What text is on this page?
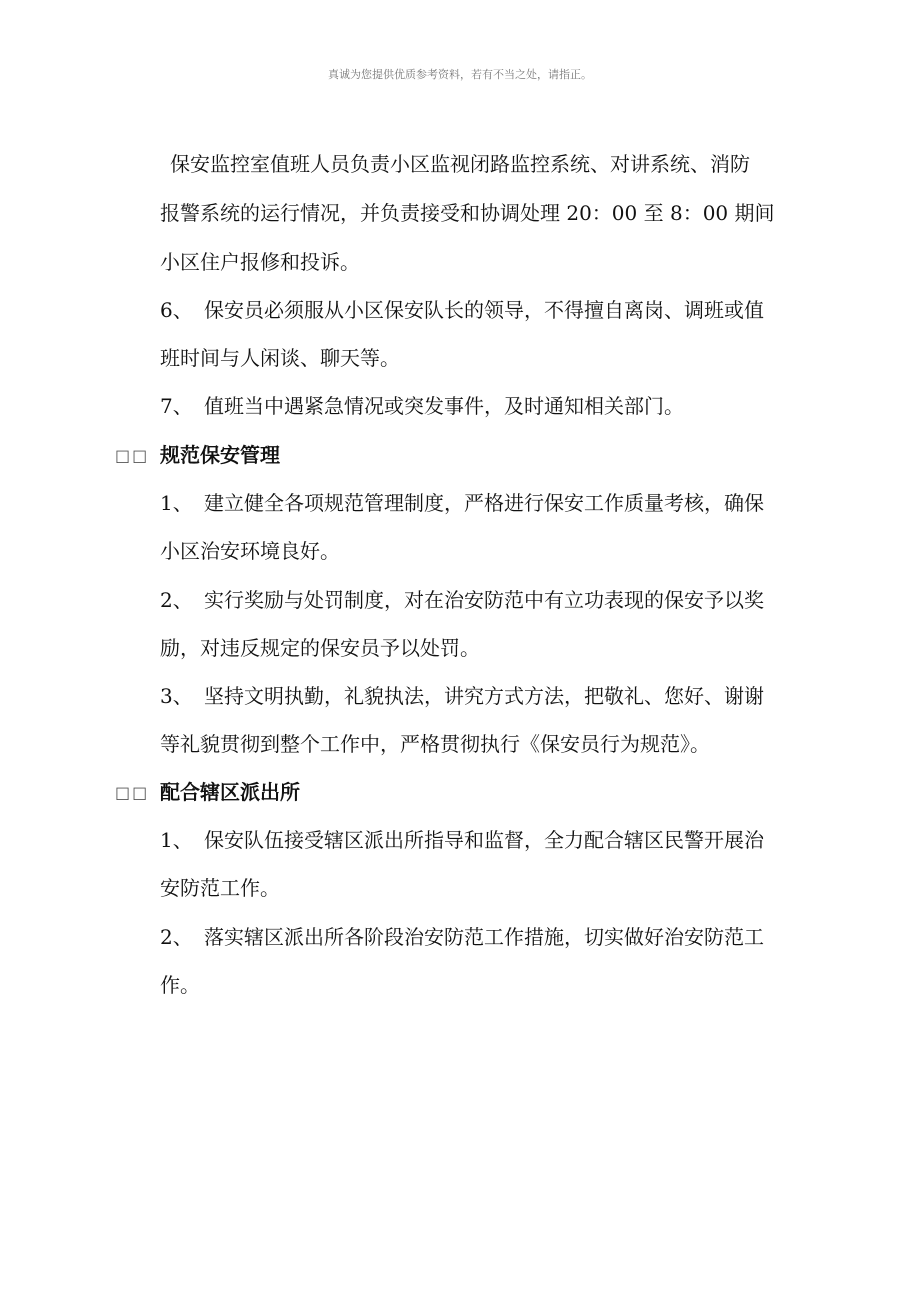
真诚为您提供优质参考资料，若有不当之处，请指正。
保安监控室值班人员负责小区监视闭路监控系统、对讲系统、消防
报警系统的运行情况，并负责接受和协调处理 20：00 至 8：00 期间
小区住户报修和投诉。
6、 保安员必须服从小区保安队长的领导，不得擅自离岗、调班或值
班时间与人闲谈、聊天等。
7、 值班当中遇紧急情况或突发事件，及时通知相关部门。
□□ 规范保安管理
1、 建立健全各项规范管理制度，严格进行保安工作质量考核，确保
小区治安环境良好。
2、 实行奖励与处罚制度，对在治安防范中有立功表现的保安予以奖
励，对违反规定的保安员予以处罚。
3、 坚持文明执勤，礼貌执法，讲究方式方法，把敬礼、您好、谢谢
等礼貌贯彻到整个工作中，严格贯彻执行《保安员行为规范》。
□□ 配合辖区派出所
1、 保安队伍接受辖区派出所指导和监督，全力配合辖区民警开展治
安防范工作。
2、 落实辖区派出所各阶段治安防范工作措施，切实做好治安防范工
作。
